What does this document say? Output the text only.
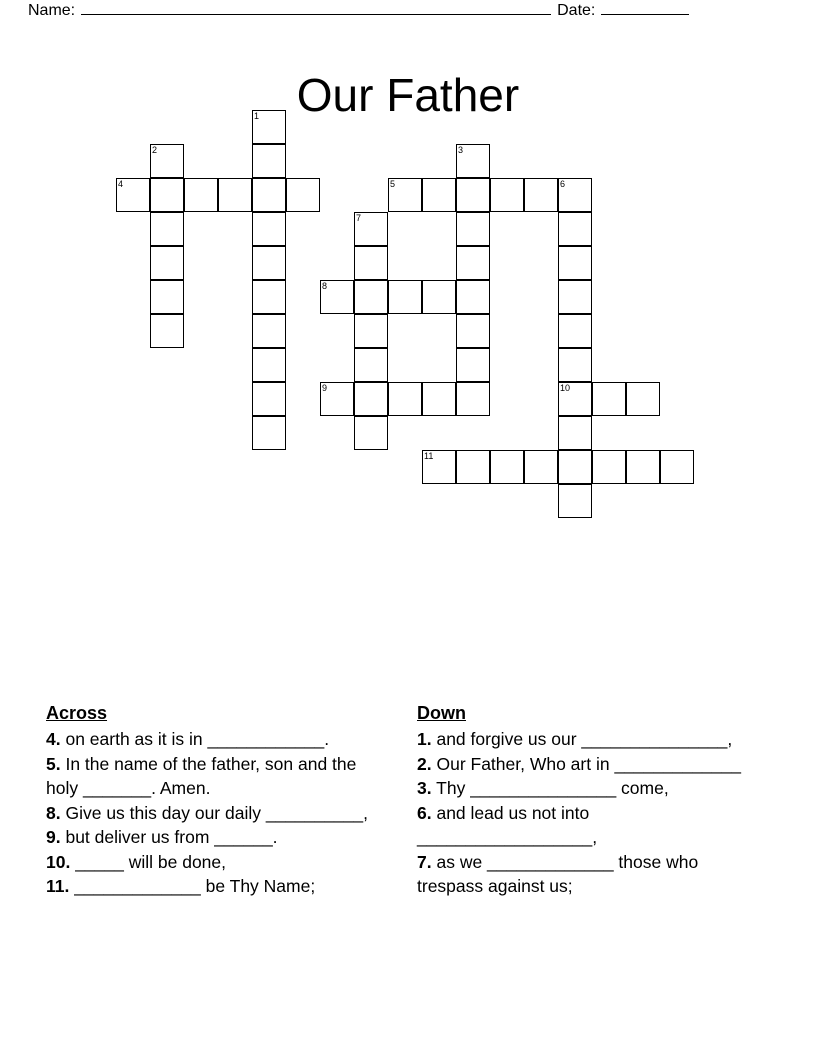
Name:	Date:
Our Father
1
2	3
4	5	6
7
8
9	10
11
Across

4. on earth as it is in ____________.

5. In the name of the father, son and the holy _______. Amen.

8. Give us this day our daily __________,

9. but deliver us from ______.

10. _____ will be done,

11. _____________ be Thy Name;

Down

1. and forgive us our _______________,

2. Our Father, Who art in _____________

3. Thy _______________ come,

6. and lead us not into __________________,

7. as we _____________ those who trespass against us;
